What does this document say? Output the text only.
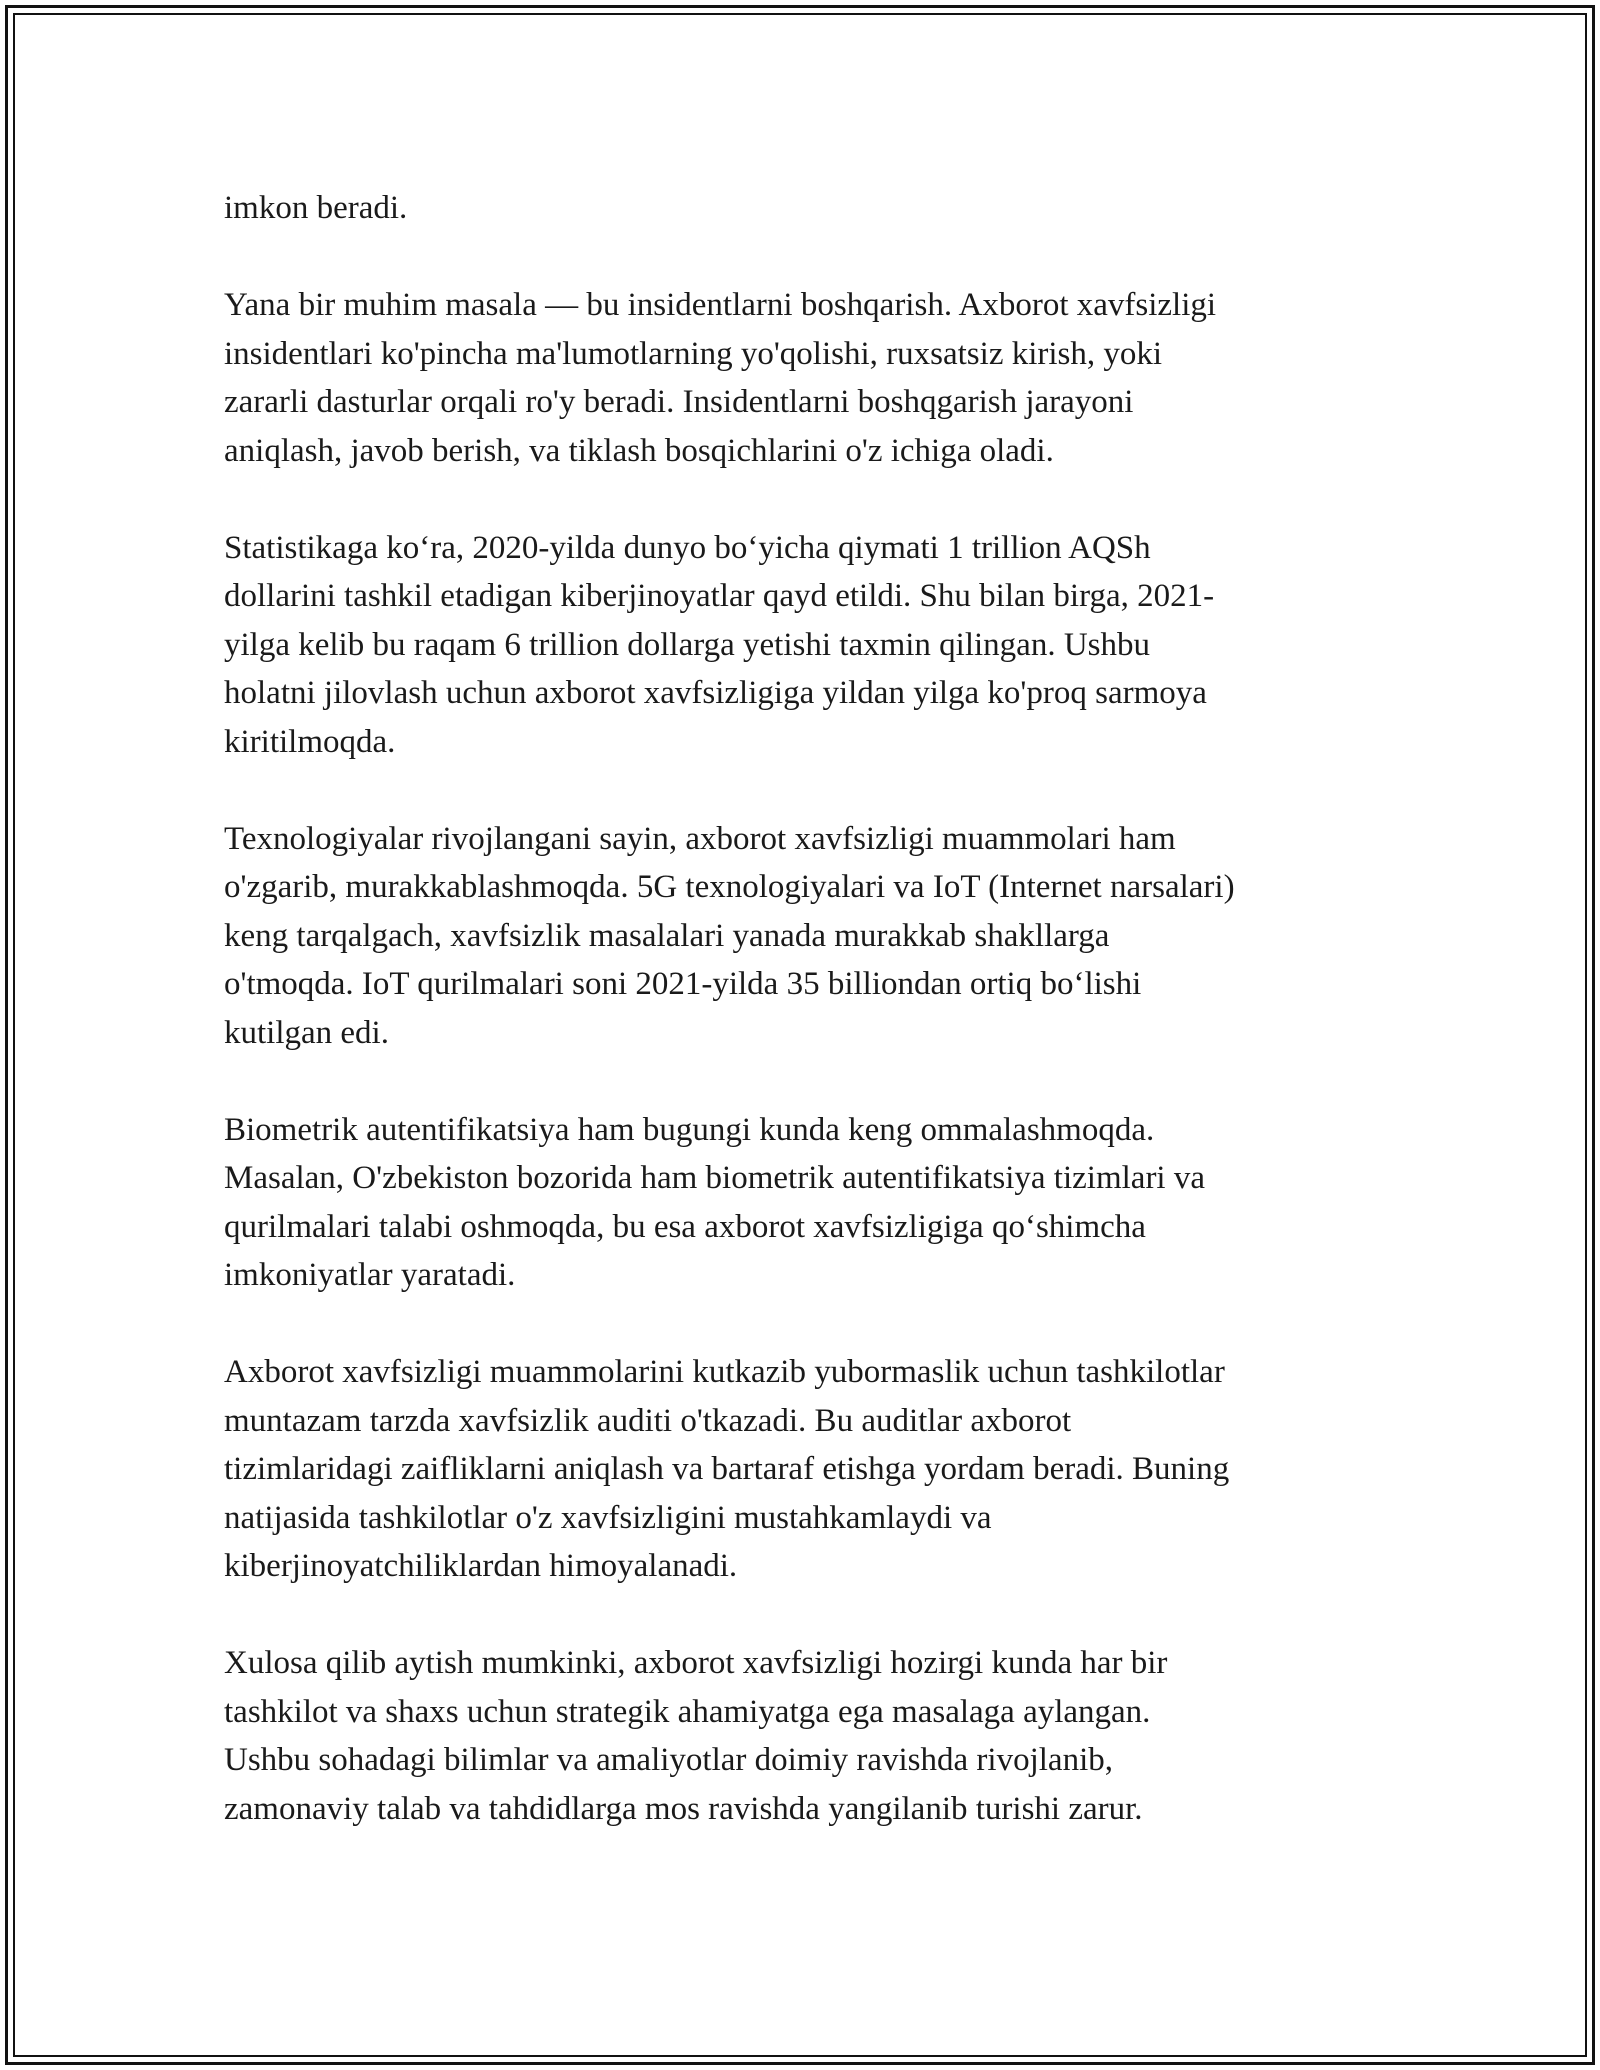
imkon beradi.

Yana bir muhim masala — bu insidentlarni boshqarish. Axborot xavfsizligi
insidentlari ko'pincha ma'lumotlarning yo'qolishi, ruxsatsiz kirish, yoki
zararli dasturlar orqali ro'y beradi. Insidentlarni boshqgarish jarayoni
aniqlash, javob berish, va tiklash bosqichlarini o'z ichiga oladi.

Statistikaga koʻra, 2020-yilda dunyo boʻyicha qiymati 1 trillion AQSh
dollarini tashkil etadigan kiberjinoyatlar qayd etildi. Shu bilan birga, 2021-
yilga kelib bu raqam 6 trillion dollarga yetishi taxmin qilingan. Ushbu
holatni jilovlash uchun axborot xavfsizligiga yildan yilga ko'proq sarmoya
kiritilmoqda.

Texnologiyalar rivojlangani sayin, axborot xavfsizligi muammolari ham
o'zgarib, murakkablashmoqda. 5G texnologiyalari va IoT (Internet narsalari)
keng tarqalgach, xavfsizlik masalalari yanada murakkab shakllarga
o'tmoqda. IoT qurilmalari soni 2021-yilda 35 billiondan ortiq boʻlishi
kutilgan edi.

Biometrik autentifikatsiya ham bugungi kunda keng ommalashmoqda.
Masalan, O'zbekiston bozorida ham biometrik autentifikatsiya tizimlari va
qurilmalari talabi oshmoqda, bu esa axborot xavfsizligiga qoʻshimcha
imkoniyatlar yaratadi.

Axborot xavfsizligi muammolarini kutkazib yubormaslik uchun tashkilotlar
muntazam tarzda xavfsizlik auditi o'tkazadi. Bu auditlar axborot
tizimlaridagi zaifliklarni aniqlash va bartaraf etishga yordam beradi. Buning
natijasida tashkilotlar o'z xavfsizligini mustahkamlaydi va
kiberjinoyatchiliklardan himoyalanadi.

Xulosa qilib aytish mumkinki, axborot xavfsizligi hozirgi kunda har bir
tashkilot va shaxs uchun strategik ahamiyatga ega masalaga aylangan.
Ushbu sohadagi bilimlar va amaliyotlar doimiy ravishda rivojlanib,
zamonaviy talab va tahdidlarga mos ravishda yangilanib turishi zarur.
